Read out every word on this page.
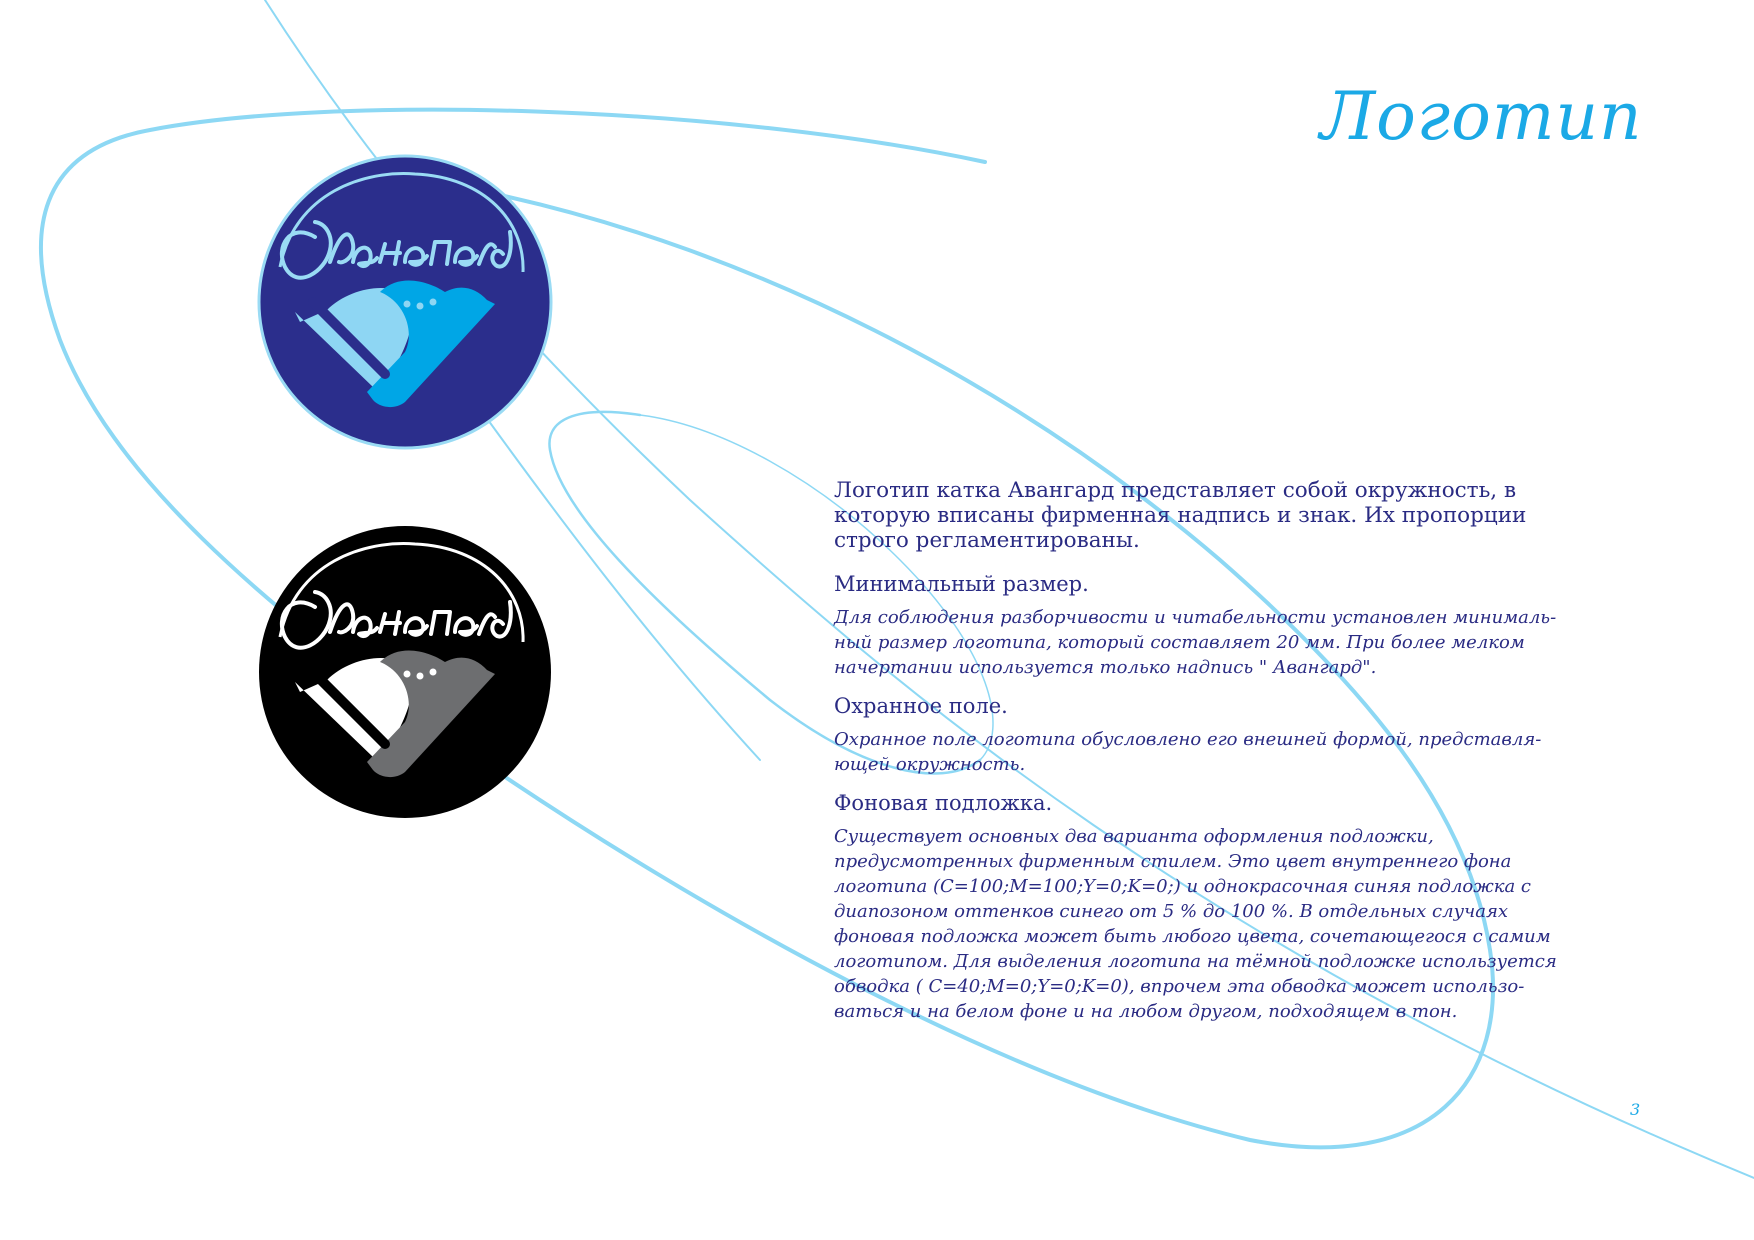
Логотип

Логотип катка Авангард представляет собой окружность, в которую вписаны фирменная надпись и знак. Их пропорции строго регламентированы.

Минимальный размер.

Для соблюдения разборчивости и читабельности установлен минималь-ный размер логотипа, который составляет 20 мм. При более мелком начертании используется только надпись " Авангард".

Охранное поле.

Охранное поле логотипа обусловлено его внешней формой, представля-ющей окружность.

Фоновая подложка.

Существует основных два варианта оформления подложки, предусмотренных фирменным стилем. Это цвет внутреннего фона логотипа (C=100;M=100;Y=0;K=0;) и однокрасочная синяя подложка с диапозоном оттенков синего от 5 % до 100 %. В отдельных случаях фоновая подложка может быть любого цвета, сочетающегося с самим логотипом. Для выделения логотипа на тёмной подложке используется обводка ( C=40;M=0;Y=0;K=0), впрочем эта обводка может использо-ваться и на белом фоне и на любом другом, подходящем в тон.

3
